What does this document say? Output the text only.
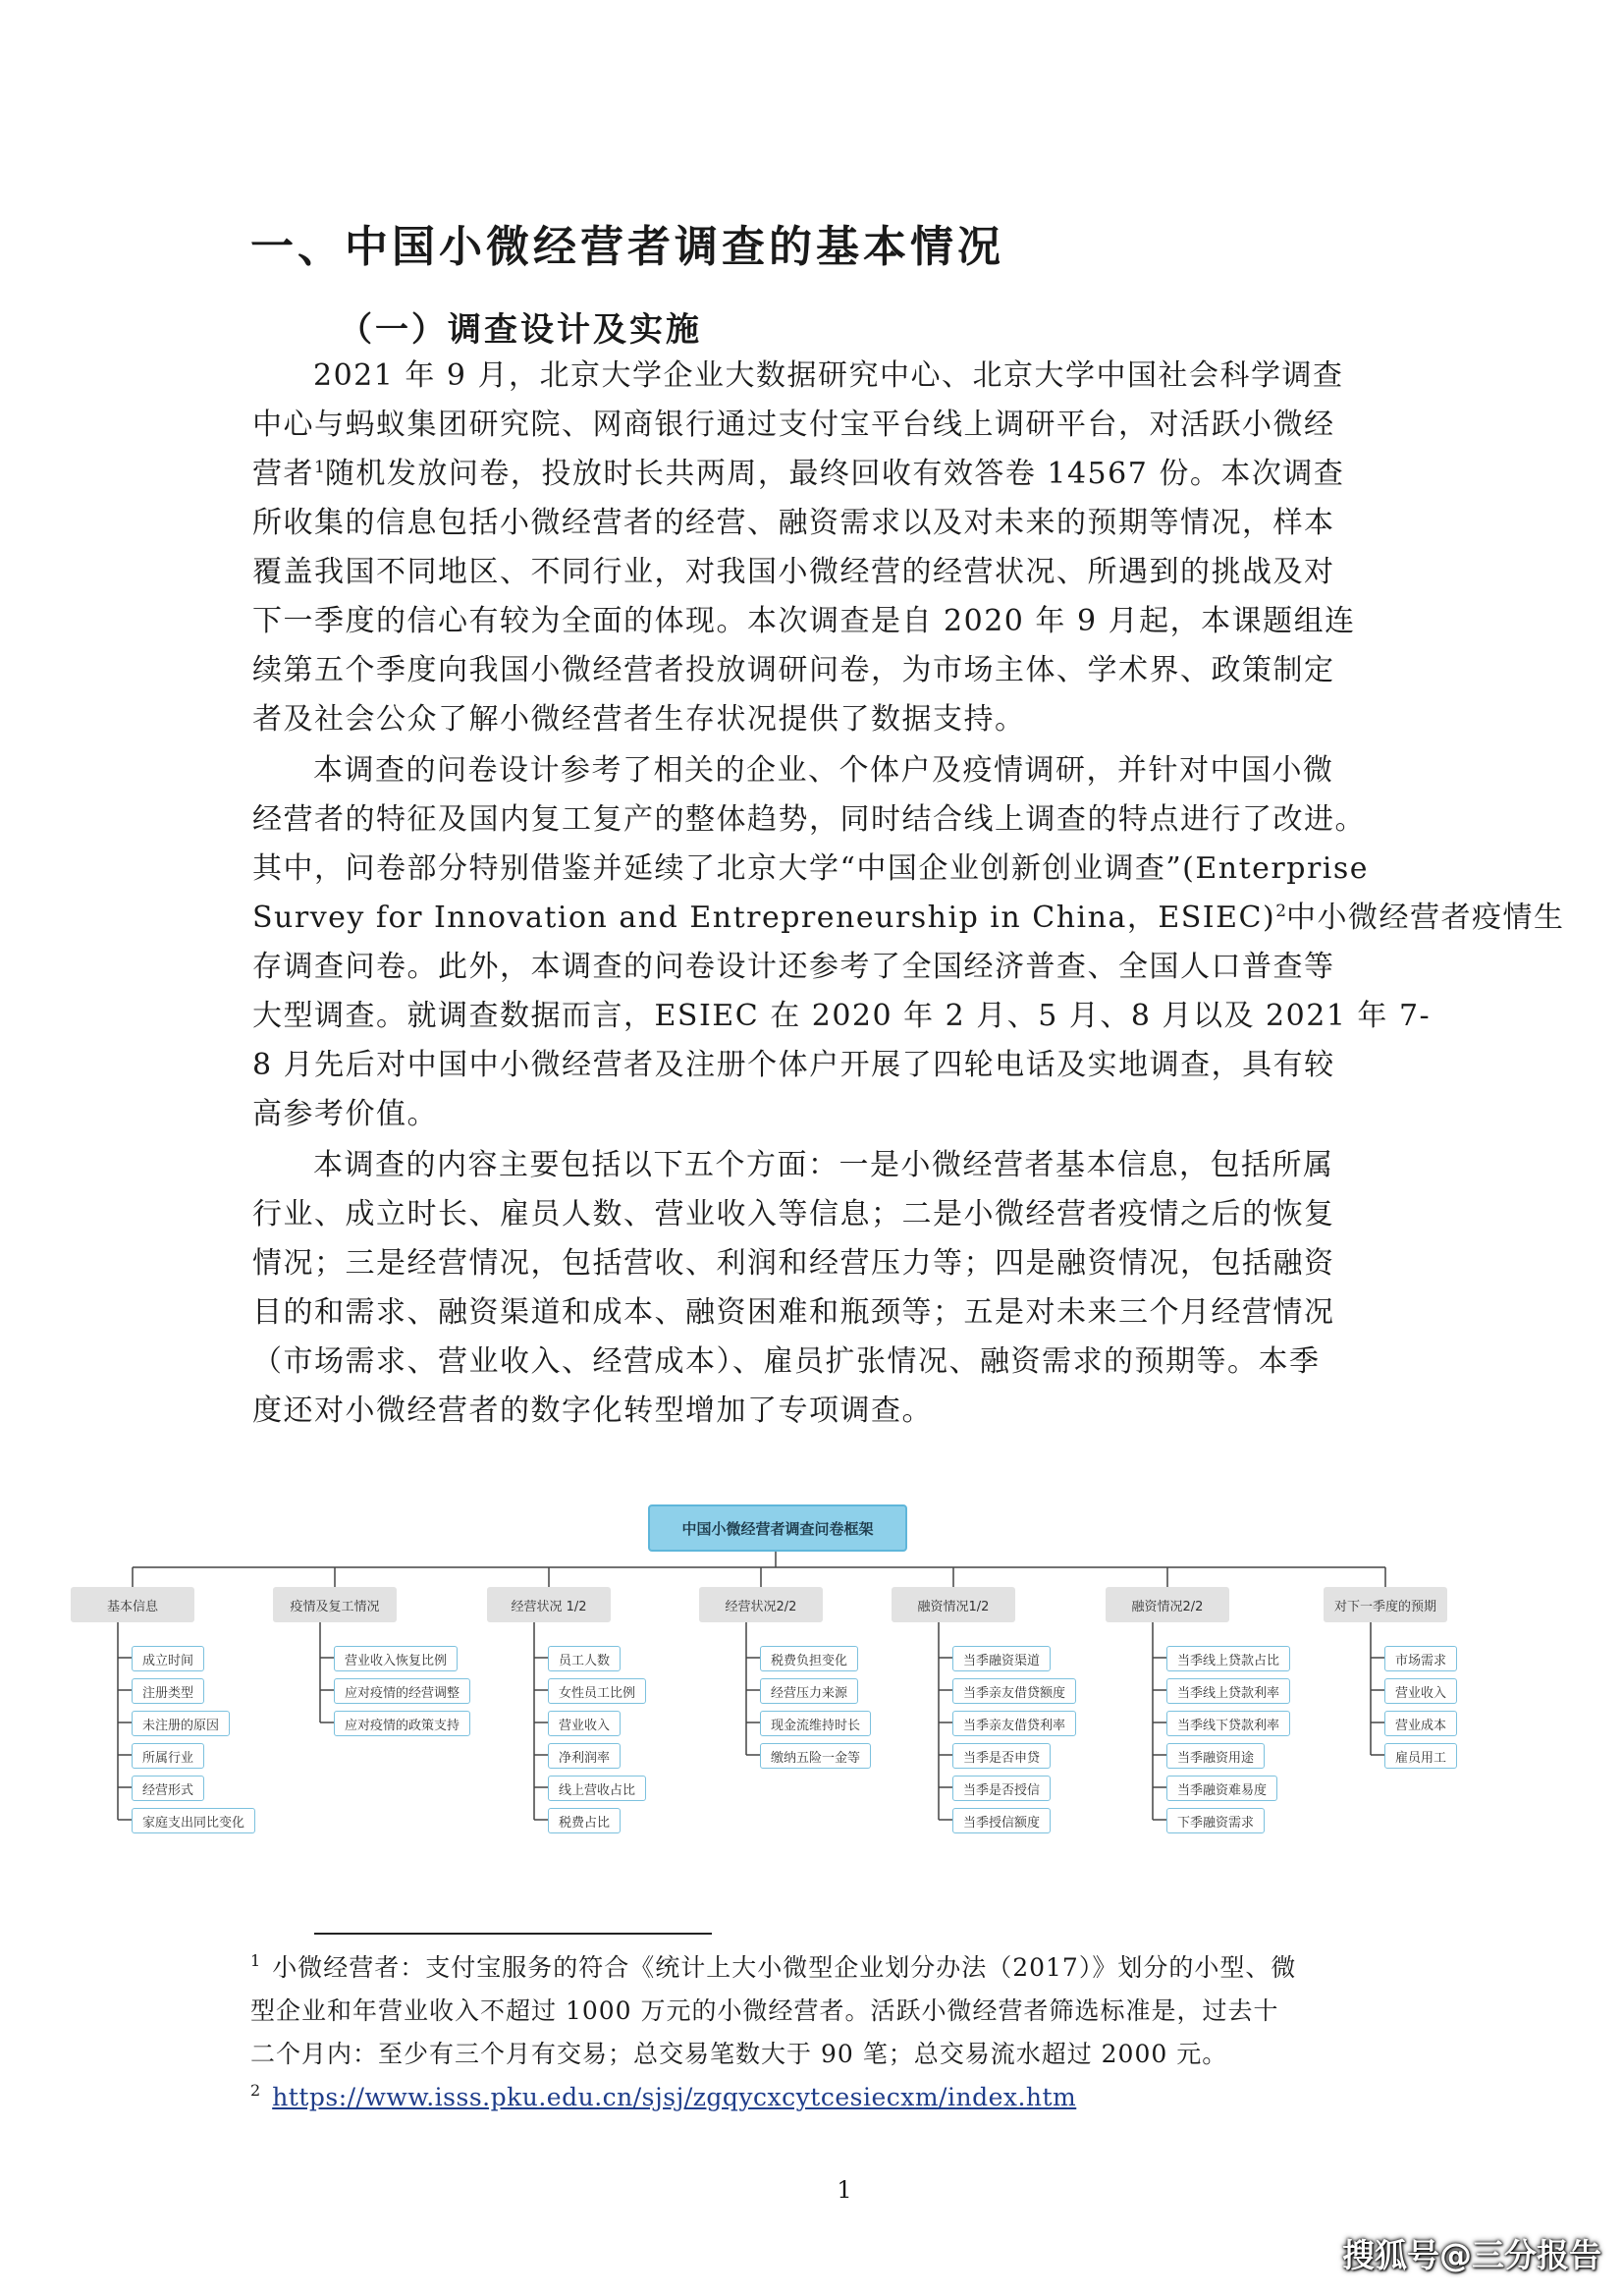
一、中国小微经营者调查的基本情况
（一）调查设计及实施
2021 年 9 月，北京大学企业大数据研究中心、北京大学中国社会科学调查
中心与蚂蚁集团研究院、网商银行通过支付宝平台线上调研平台，对活跃小微经
营者$^1$随机发放问卷，投放时长共两周，最终回收有效答卷 14567 份。本次调查
所收集的信息包括小微经营者的经营、融资需求以及对未来的预期等情况，样本
覆盖我国不同地区、不同行业，对我国小微经营的经营状况、所遇到的挑战及对
下一季度的信心有较为全面的体现。本次调查是自 2020 年 9 月起，本课题组连
续第五个季度向我国小微经营者投放调研问卷，为市场主体、学术界、政策制定
者及社会公众了解小微经营者生存状况提供了数据支持。
本调查的问卷设计参考了相关的企业、个体户及疫情调研，并针对中国小微
经营者的特征及国内复工复产的整体趋势，同时结合线上调查的特点进行了改进。
其中，问卷部分特别借鉴并延续了北京大学“中国企业创新创业调查”(Enterprise
Survey for Innovation and Entrepreneurship in China，ESIEC)$^2$中小微经营者疫情生
存调查问卷。此外，本调查的问卷设计还参考了全国经济普查、全国人口普查等
大型调查。就调查数据而言，ESIEC 在 2020 年 2 月、5 月、8 月以及 2021 年 7-
8 月先后对中国中小微经营者及注册个体户开展了四轮电话及实地调查，具有较
高参考价值。
本调查的内容主要包括以下五个方面：一是小微经营者基本信息，包括所属
行业、成立时长、雇员人数、营业收入等信息；二是小微经营者疫情之后的恢复
情况；三是经营情况，包括营收、利润和经营压力等；四是融资情况，包括融资
目的和需求、融资渠道和成本、融资困难和瓶颈等；五是对未来三个月经营情况
（市场需求、营业收入、经营成本）、雇员扩张情况、融资需求的预期等。本季
度还对小微经营者的数字化转型增加了专项调查。
中国小微经营者调查问卷框架
基本信息
成立时间
注册类型
未注册的原因
所属行业
经营形式
家庭支出同比变化
疫情及复工情况
营业收入恢复比例
应对疫情的经营调整
应对疫情的政策支持
经营状况 1/2
员工人数
女性员工比例
营业收入
净利润率
线上营收占比
税费占比
经营状况2/2
税费负担变化
经营压力来源
现金流维持时长
缴纳五险一金等
融资情况1/2
当季融资渠道
当季亲友借贷额度
当季亲友借贷利率
当季是否申贷
当季是否授信
当季授信额度
融资情况2/2
当季线上贷款占比
当季线上贷款利率
当季线下贷款利率
当季融资用途
当季融资难易度
下季融资需求
对下一季度的预期
市场需求
营业收入
营业成本
雇员用工
$^1$ 小微经营者：支付宝服务的符合《统计上大小微型企业划分办法（2017）》划分的小型、微
型企业和年营业收入不超过 1000 万元的小微经营者。活跃小微经营者筛选标准是，过去十
二个月内：至少有三个月有交易；总交易笔数大于 90 笔；总交易流水超过 2000 元。
$^2$ https://www.isss.pku.edu.cn/sjsj/zgqycxcytcesiecxm/index.htm
1
搜狐号@三分报告
